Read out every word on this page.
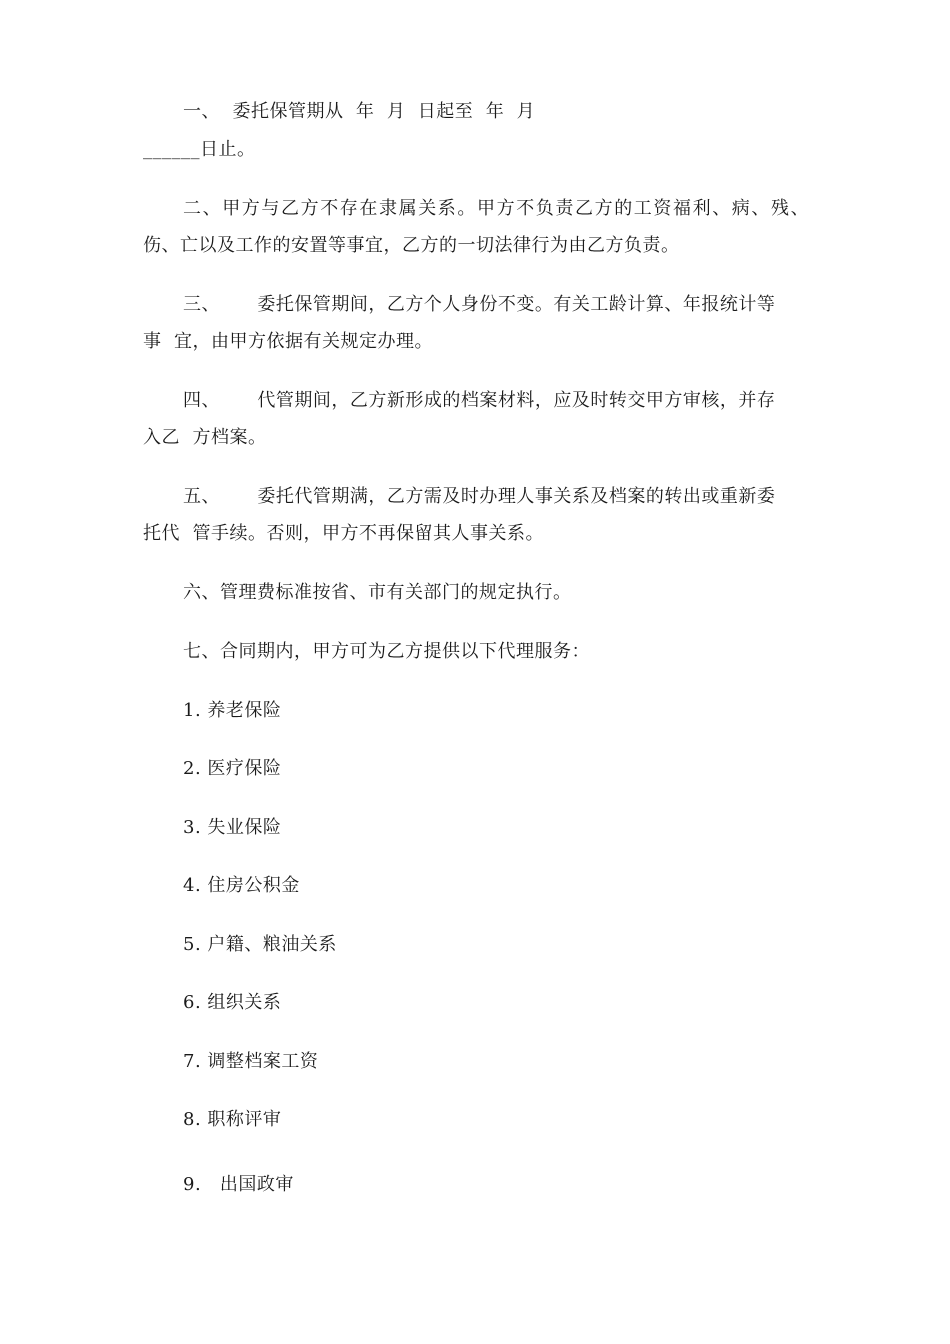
一、  委托保管期从  年  月  日起至  年  月
______日止。
二、甲方与乙方不存在隶属关系。甲方不负责乙方的工资福利、病、残、
伤、亡以及工作的安置等事宜，乙方的一切法律行为由乙方负责。
三、      委托保管期间，乙方个人身份不变。有关工龄计算、年报统计等
事  宜，由甲方依据有关规定办理。
四、      代管期间，乙方新形成的档案材料，应及时转交甲方审核，并存
入乙  方档案。
五、      委托代管期满，乙方需及时办理人事关系及档案的转出或重新委
托代  管手续。否则，甲方不再保留其人事关系。
六、管理费标准按省、市有关部门的规定执行。
七、合同期内，甲方可为乙方提供以下代理服务：
1. 养老保险
2. 医疗保险
3. 失业保险
4. 住房公积金
5. 户籍、粮油关系
6. 组织关系
7. 调整档案工资
8. 职称评审
9.   出国政审
